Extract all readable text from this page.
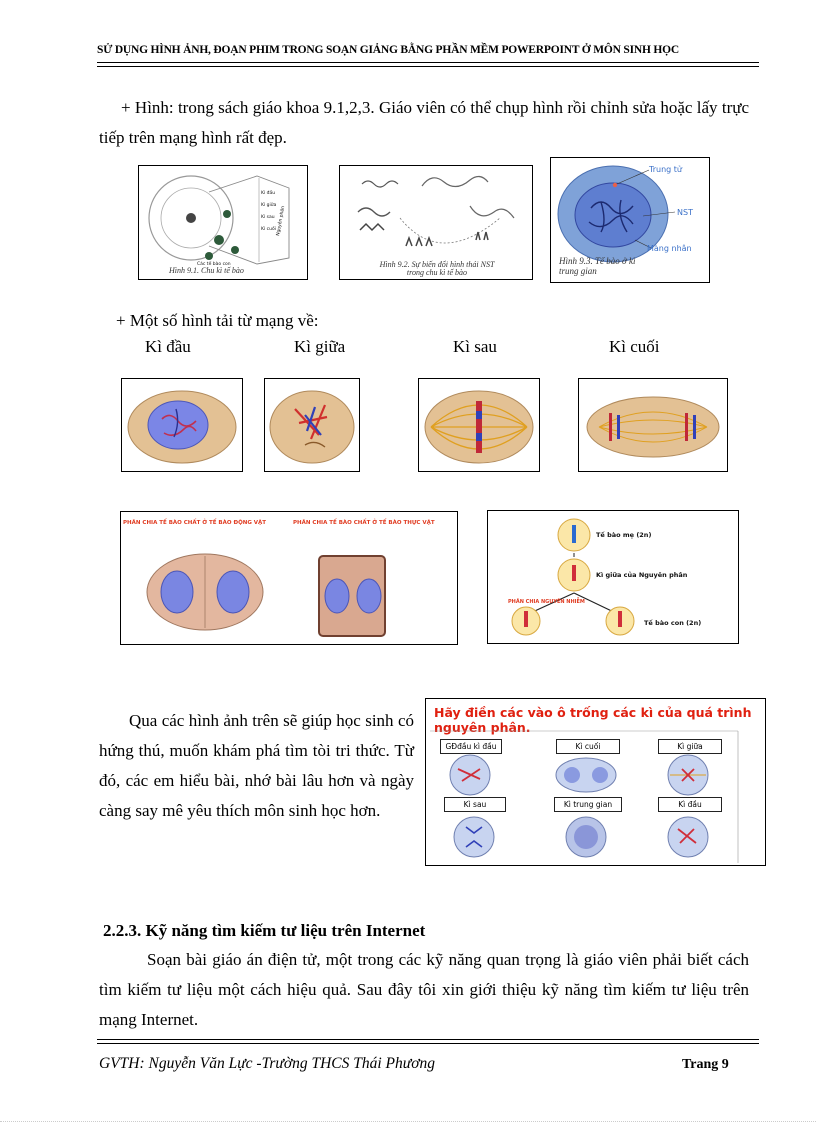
SỬ DỤNG HÌNH ẢNH, ĐOẠN PHIM TRONG SOẠN GIẢNG BẰNG PHẦN MỀM POWERPOINT Ở MÔN SINH HỌC
+ Hình: trong sách giáo khoa 9.1,2,3. Giáo viên có thể chụp hình rồi chỉnh sửa hoặc lấy trực tiếp trên mạng hình rất đẹp.
Kì đầu
Kì giữa
Kì sau
Kì cuối Nguyên phân
Các tế bào con
Hình 9.1. Chu kì tế bào
Hình 9.2. Sự biến đổi hình thái NST trong chu kì tế bào
Trung tử
NST
Màng nhân
Hình 9.3. Tế bào ở kì trung gian
+ Một số hình tải từ mạng về:
Kì đầu	Kì giữa	Kì sau	Kì cuối
PHÂN CHIA TẾ BÀO CHẤT Ở TẾ BÀO ĐỘNG VẬT	PHÂN CHIA TẾ BÀO CHẤT Ở TẾ BÀO THỰC VẬT
Tế bào mẹ (2n)
Kì giữa của Nguyên phân
PHÂN CHIA NGUYÊN NHIỄM
Tế bào con (2n)
Qua các hình ảnh trên sẽ giúp học sinh có hứng thú, muốn khám phá tìm tòi tri thức. Từ đó, các em hiểu bài, nhớ bài lâu hơn và ngày càng say mê yêu thích môn sinh học hơn.
Hãy điền các vào ô trống các kì của quá trình nguyên phân.
GĐđầu kì đầu	Kì cuối	Kì giữa
Kì sau	Kì trung gian	Kì đầu
2.2.3. Kỹ năng tìm kiếm tư liệu trên Internet
Soạn bài giáo án điện tử, một trong các kỹ năng quan trọng là giáo viên phải biết cách tìm kiếm tư liệu một cách hiệu quả. Sau đây tôi xin giới thiệu kỹ năng tìm kiếm tư liệu trên mạng Internet.
GVTH: Nguyễn Văn Lực -Trường THCS Thái Phương	Trang 9
